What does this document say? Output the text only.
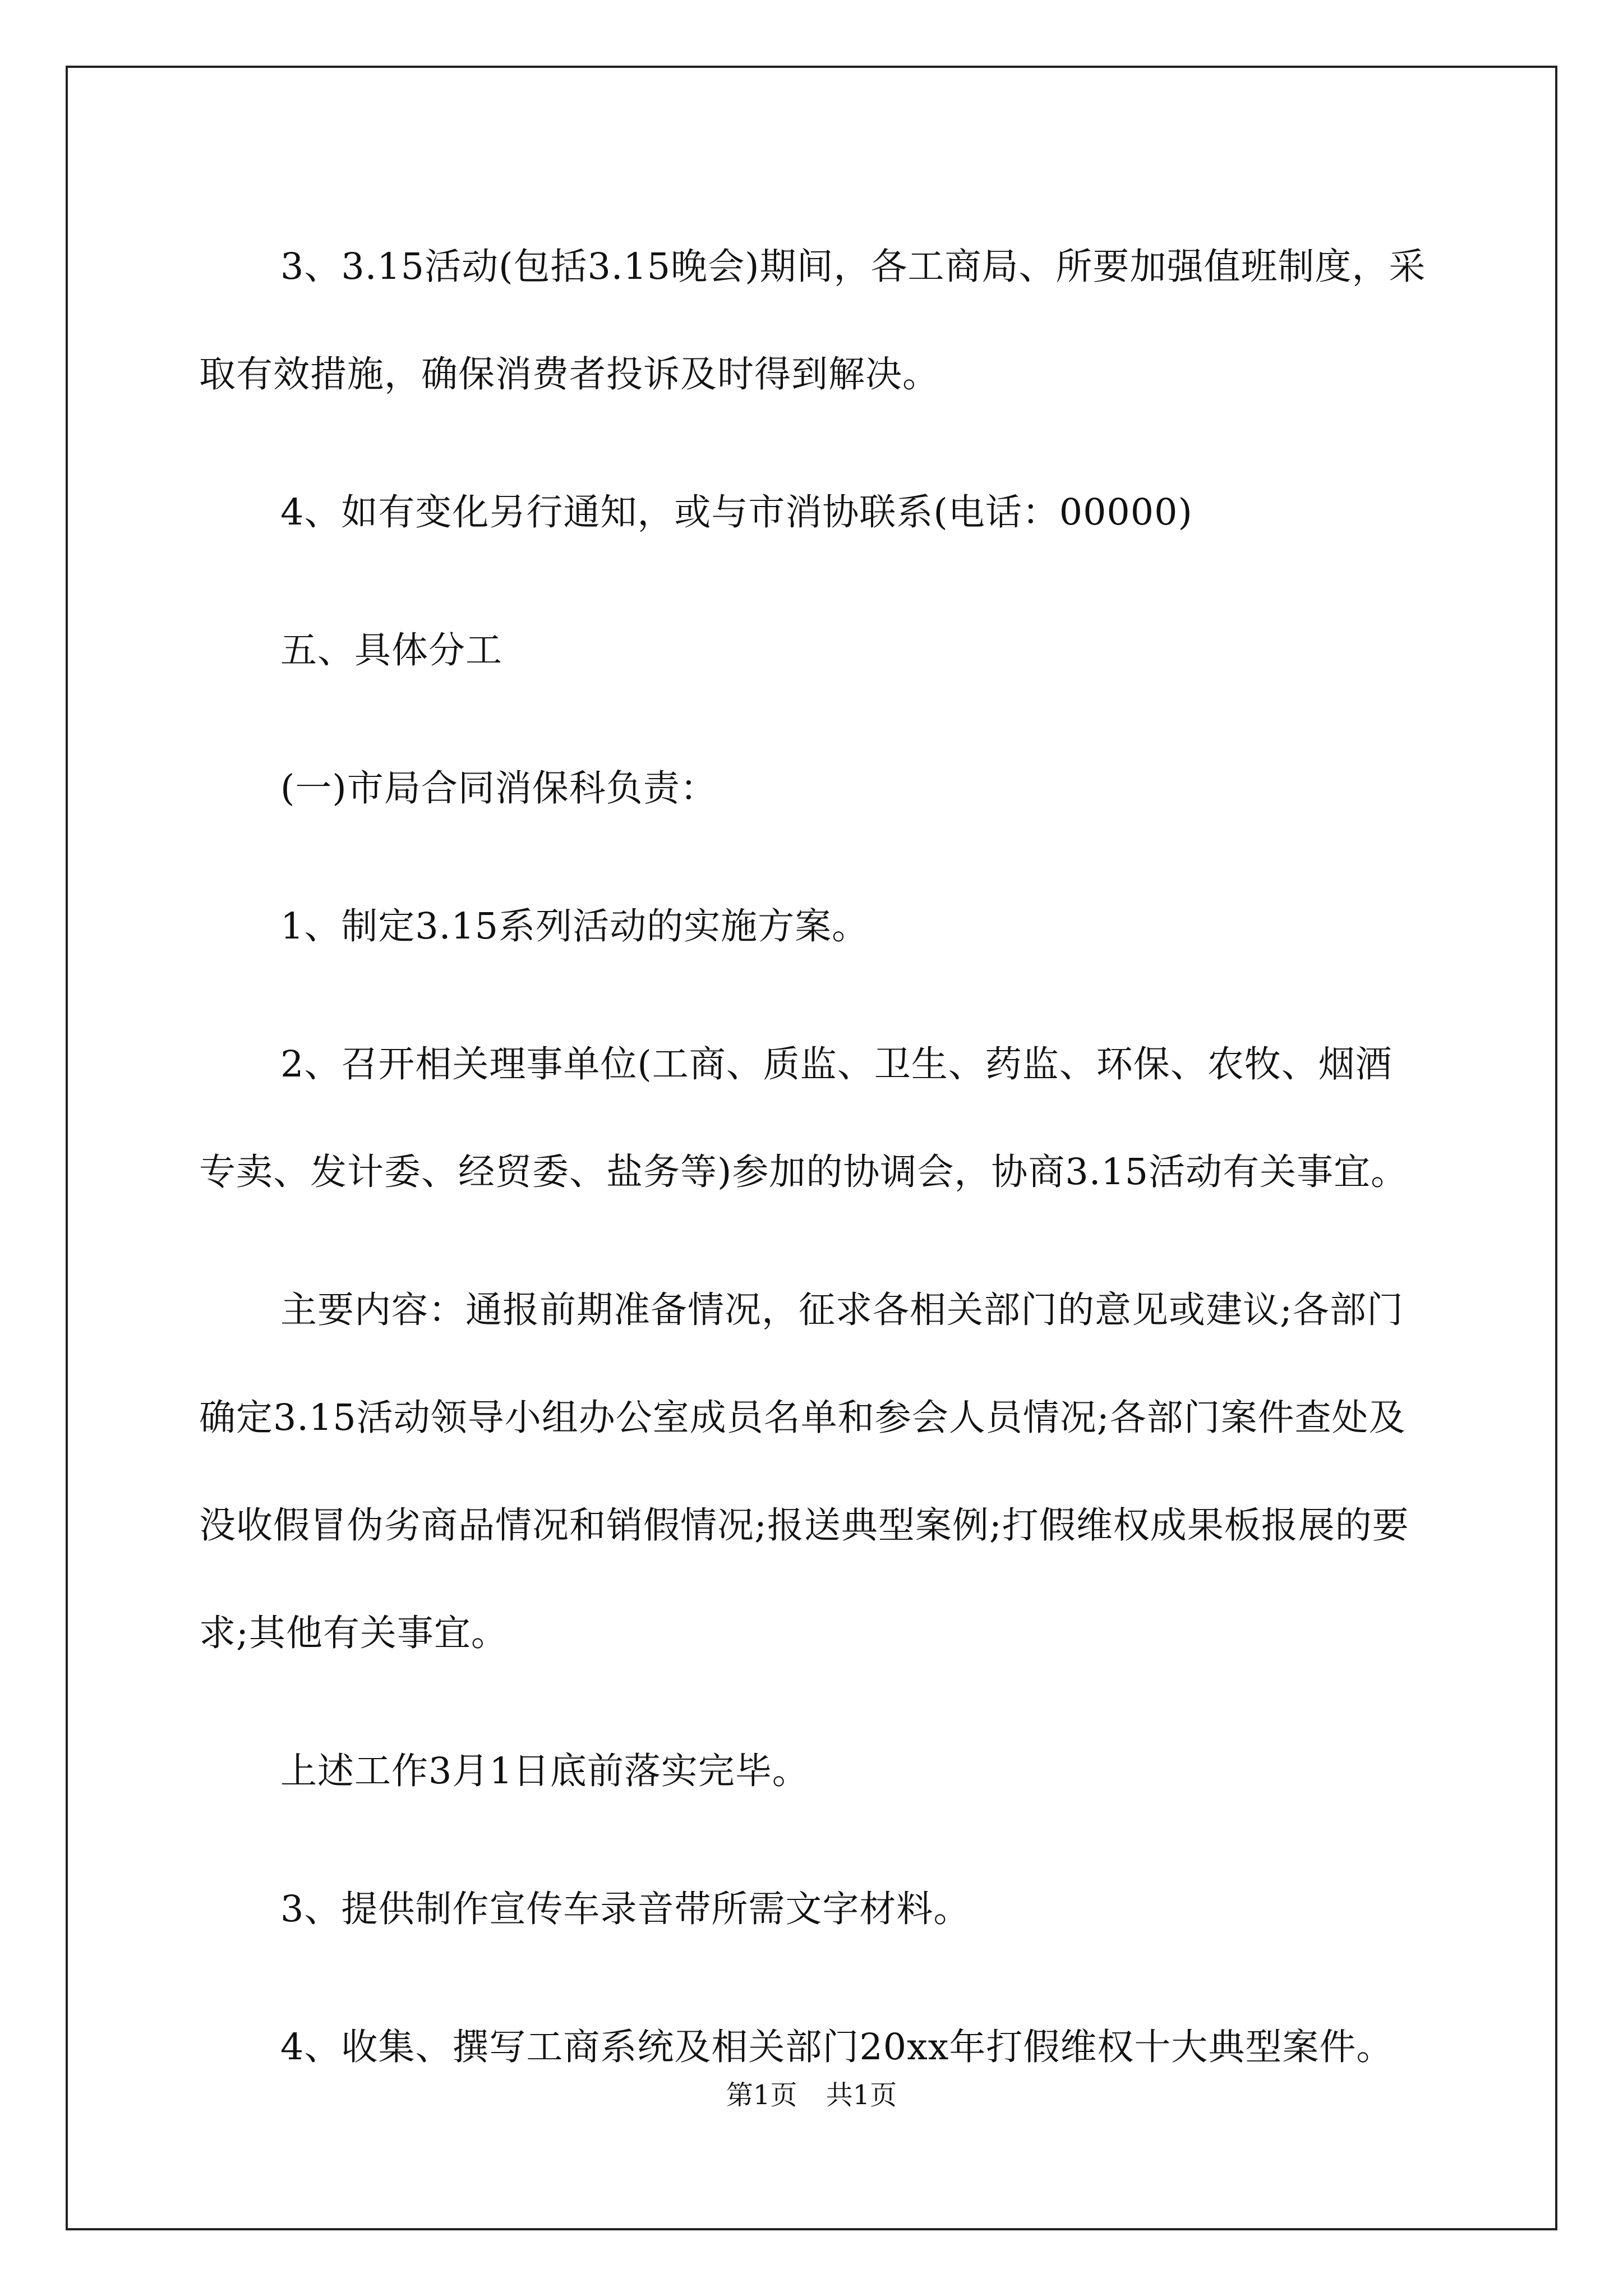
3、3.15活动(包括3.15晚会)期间，各工商局、所要加强值班制度，采取有效措施，确保消费者投诉及时得到解决。

4、如有变化另行通知，或与市消协联系(电话：00000)

五、具体分工

(一)市局合同消保科负责：

1、制定3.15系列活动的实施方案。

2、召开相关理事单位(工商、质监、卫生、药监、环保、农牧、烟酒专卖、发计委、经贸委、盐务等)参加的协调会，协商3.15活动有关事宜。

主要内容：通报前期准备情况，征求各相关部门的意见或建议;各部门确定3.15活动领导小组办公室成员名单和参会人员情况;各部门案件查处及没收假冒伪劣商品情况和销假情况;报送典型案例;打假维权成果板报展的要求;其他有关事宜。

上述工作3月1日底前落实完毕。

3、提供制作宣传车录音带所需文字材料。

4、收集、撰写工商系统及相关部门20xx年打假维权十大典型案件。

第1页 共1页
